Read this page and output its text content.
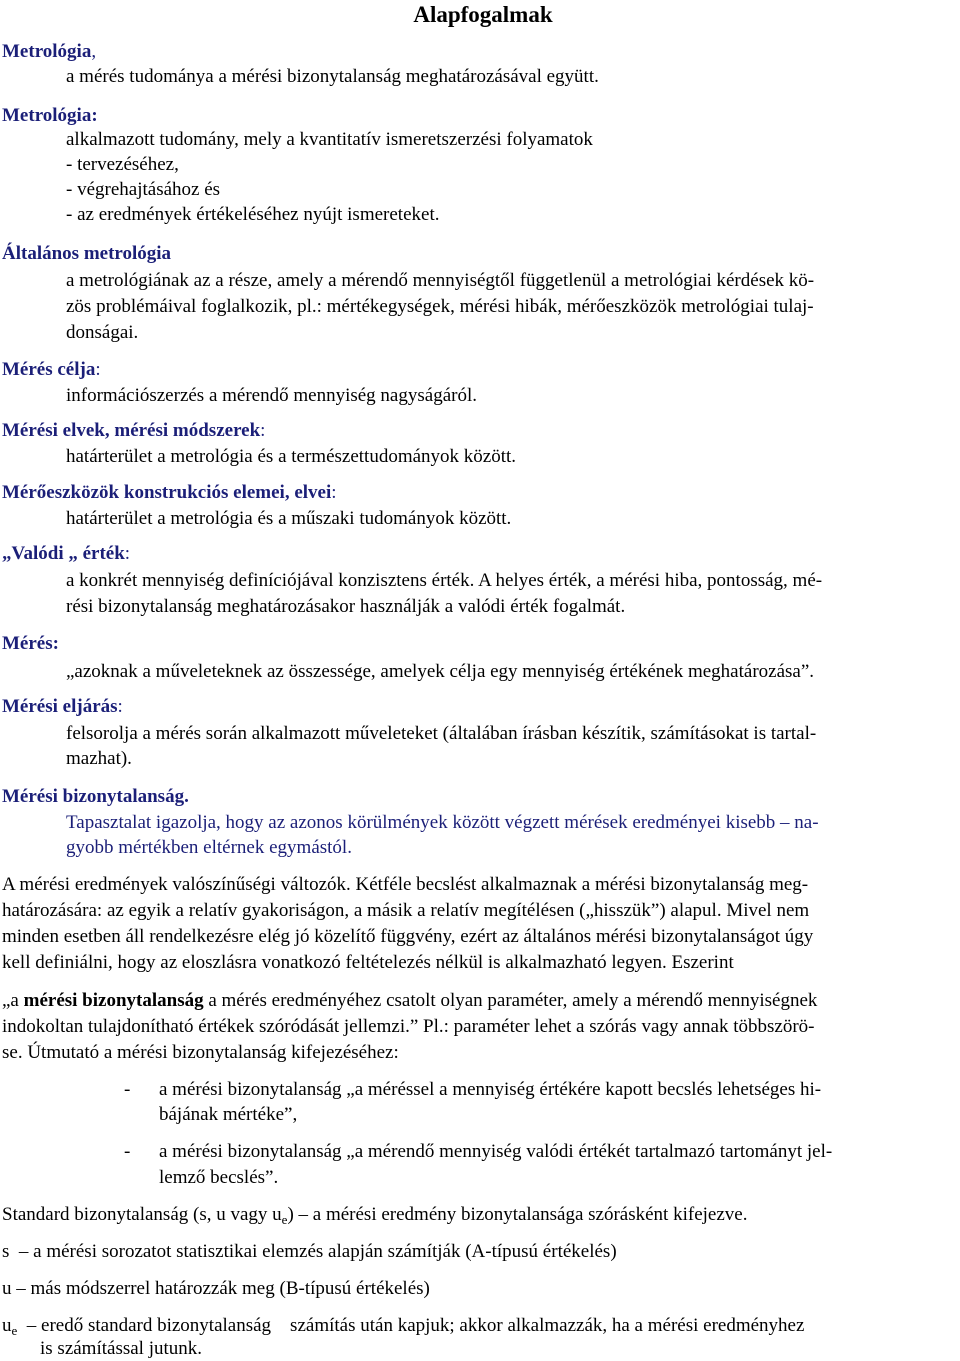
Alapfogalmak
Metrológia,
a mérés tudománya a mérési bizonytalanság meghatározásával együtt.
Metrológia:
alkalmazott tudomány, mely a kvantitatív ismeretszerzési folyamatok
- tervezéséhez,
- végrehajtásához és
- az eredmények értékeléséhez nyújt ismereteket.
Általános metrológia
a metrológiának az a része, amely a mérendő mennyiségtől függetlenül a metrológiai kérdések kö-
zös problémáival foglalkozik, pl.: mértékegységek, mérési hibák, mérőeszközök metrológiai tulaj-
donságai.
Mérés célja:
információszerzés a mérendő mennyiség nagyságáról.
Mérési elvek, mérési módszerek:
határterület a metrológia és a természettudományok között.
Mérőeszközök konstrukciós elemei, elvei:
határterület a metrológia és a műszaki tudományok között.
„Valódi „ érték:
a konkrét mennyiség definíciójával konzisztens érték. A helyes érték, a mérési hiba, pontosság, mé-
rési bizonytalanság meghatározásakor használják a valódi érték fogalmát.
Mérés:
„azoknak a műveleteknek az összessége, amelyek célja egy mennyiség értékének meghatározása”.
Mérési eljárás:
felsorolja a mérés során alkalmazott műveleteket (általában írásban készítik, számításokat is tartal-
mazhat).
Mérési bizonytalanság.
Tapasztalat igazolja, hogy az azonos körülmények között végzett mérések eredményei kisebb – na-
gyobb mértékben eltérnek egymástól.
A mérési eredmények valószínűségi változók. Kétféle becslést alkalmaznak a mérési bizonytalanság meg-
határozására: az egyik a relatív gyakoriságon, a másik a relatív megítélésen („hisszük”) alapul. Mivel nem
minden esetben áll rendelkezésre elég jó közelítő függvény, ezért az általános mérési bizonytalanságot úgy
kell definiálni, hogy az eloszlásra vonatkozó feltételezés nélkül is alkalmazható legyen. Eszerint
„a mérési bizonytalanság a mérés eredményéhez csatolt olyan paraméter, amely a mérendő mennyiségnek
indokoltan tulajdonítható értékek szóródását jellemzi.” Pl.: paraméter lehet a szórás vagy annak többszörö-
se. Útmutató a mérési bizonytalanság kifejezéséhez:
- a mérési bizonytalanság „a méréssel a mennyiség értékére kapott becslés lehetséges hi-
bájának mértéke”,
- a mérési bizonytalanság „a mérendő mennyiség valódi értékét tartalmazó tartományt jel-
lemző becslés”.
Standard bizonytalanság (s, u vagy $u_e$) – a mérési eredmény bizonytalansága szórásként kifejezve.
s  – a mérési sorozatot statisztikai elemzés alapján számítják (A-típusú értékelés)
u – más módszerrel határozzák meg (B-típusú értékelés)
$u_e$  – eredő standard bizonytalanság    számítás után kapjuk; akkor alkalmazzák, ha a mérési eredményhez
is számítással jutunk.
